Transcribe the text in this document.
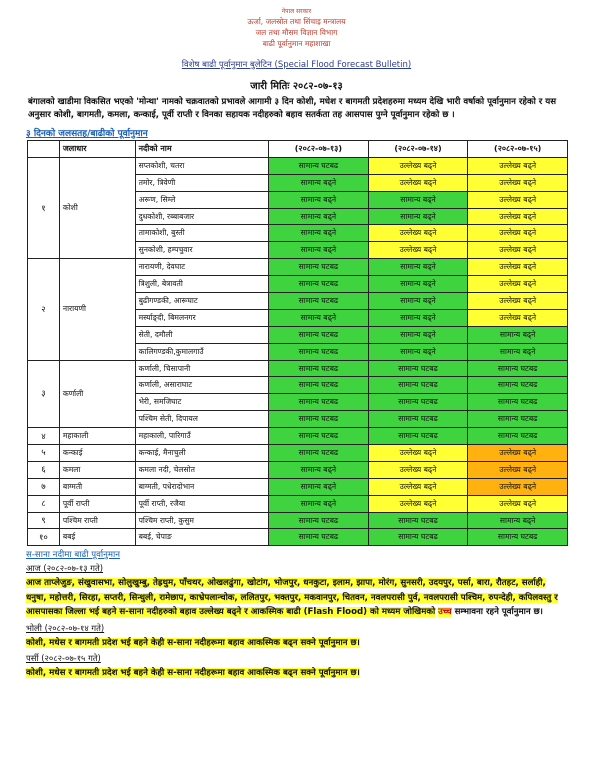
नेपाल सरकार
ऊर्जा, जलस्रोत तथा सिंचाइ मन्त्रालय
जल तथा मौसम विज्ञान विभाग
बाढी पूर्वानुमान महाशाखा
विशेष बाढी पूर्वानुमान बुलेटिन (Special Flood Forecast Bulletin)
जारी मितिः २०८२-०७-१३
बंगालको खाडीमा विकसित भएको 'मोन्था' नामको चक्रवातको प्रभावले आगामी ३ दिन कोशी, मधेश र बागमती प्रदेशहरुमा मध्यम देखि भारी वर्षाको पूर्वानुमान रहेको र यस अनुसार कोशी, बागमती, कमला, कन्काई, पूर्वी राप्ती र विनका सहायक नदीहरुको बहाव सतर्कता तह आसपास पुग्ने पूर्वानुमान रहेको छ ।
३ दिनको जलसतह/बाढीको पूर्वानुमान
	जलाधार	नदीको नाम	(२०८२-०७-१३)	(२०८२-०७-१४)	(२०८२-०७-१५)
१	कोशी	सप्तकोशी, चतरा	सामान्य घटबढ	उल्लेख्य बढ्ने	उल्लेख्य बढ्ने
		तमोर, त्रिवेणी	सामान्य बढ्ने	उल्लेख्य बढ्ने	उल्लेख्य बढ्ने
		अरूण, सिम्ले	सामान्य बढ्ने	सामान्य बढ्ने	उल्लेख्य बढ्ने
		दुधकोशी, रब्बाबजार	सामान्य बढ्ने	सामान्य बढ्ने	उल्लेख्य बढ्ने
		तामाकोशी, बुस्ती	सामान्य बढ्ने	उल्लेख्य बढ्ने	उल्लेख्य बढ्ने
		सुनकोशी, हम्पचुवार	सामान्य बढ्ने	उल्लेख्य बढ्ने	उल्लेख्य बढ्ने
२	नारायणी	नारायणी, देवघाट	सामान्य घटबढ	सामान्य बढ्ने	उल्लेख्य बढ्ने
		त्रिशुली, बेत्रावती	सामान्य घटबढ	सामान्य बढ्ने	उल्लेख्य बढ्ने
		बुढीगण्डकी, आरूघाट	सामान्य घटबढ	सामान्य बढ्ने	उल्लेख्य बढ्ने
		मर्स्याङ्दी, बिमलनगर	सामान्य बढ्ने	सामान्य बढ्ने	उल्लेख्य बढ्ने
		सेती, दमौली	सामान्य घटबढ	सामान्य बढ्ने	सामान्य बढ्ने
		कालिगण्डकी,कुमालगाउँ	सामान्य घटबढ	सामान्य बढ्ने	सामान्य बढ्ने
३	कर्णाली	कर्णाली, चिसापानी	सामान्य घटबढ	सामान्य घटबढ	सामान्य घटबढ
		कर्णाली, असाराघाट	सामान्य घटबढ	सामान्य घटबढ	सामान्य घटबढ
		भेरी, समजिघाट	सामान्य घटबढ	सामान्य घटबढ	सामान्य घटबढ
		पश्चिम सेती, दिपायल	सामान्य घटबढ	सामान्य घटबढ	सामान्य घटबढ
४	महाकाली	महाकाली, पारिगाउँ	सामान्य घटबढ	सामान्य घटबढ	सामान्य घटबढ
५	कन्काई	कन्काई, मैनाचुली	सामान्य घटबढ	उल्लेख्य बढ्ने	उल्लेख्य बढ्ने
६	कमला	कमला नदी, चेलसोत	सामान्य बढ्ने	उल्लेख्य बढ्ने	उल्लेख्य बढ्ने
७	बाग्मती	बाग्मती, पधेरादोभान	सामान्य बढ्ने	उल्लेख्य बढ्ने	उल्लेख्य बढ्ने
८	पूर्वी राप्ती	पूर्वी राप्ती, रजैया	सामान्य बढ्ने	उल्लेख्य बढ्ने	उल्लेख्य बढ्ने
९	पश्चिम राप्ती	पश्चिम राप्ती, कुसुम	सामान्य घटबढ	सामान्य घटबढ	सामान्य बढ्ने
१०	बबई	बबई, चेपाङ	सामान्य घटबढ	सामान्य घटबढ	सामान्य घटबढ
स-साना नदीमा बाढी पूर्वानुमान
आज (२०८२-०७-१३ गते)
आज ताप्लेजुङ, संखुवासभा, सोलुखुम्बु, तेह्रथुम, पाँचथर, ओखलढुंगा, खोटांग, भोजपुर, धनकुटा, इलाम, झापा, मोरंग, सुनसरी, उदयपुर, पर्सा, बारा, रौतहट, सर्लाही, धनुषा, महोत्तरी, सिरहा, सप्तरी, सिन्धुली, रामेछाप, काभ्रेपलान्चोक, ललितपुर, भक्तपुर, मकवानपुर, चितवन, नवलपरासी पुर्व, नवलपरासी पश्चिम, रुपन्देही, कपिलवस्तु र आसपासका जिल्ला भई बहने स-साना नदीहरुको बहाव उल्लेख्य बढ्ने र आकस्मिक बाढी (Flash Flood) को मध्यम जोखिमको उच्च सम्भावना रहने पूर्वानुमान छ।
भोली (२०८२-०७-१४ गते)
कोशी, मधेस र बागमती प्रदेश भई बहने केही स-साना नदीहरूमा बहाव आकस्मिक बढ्न सक्ने पूर्वानुमान छ।
पर्सी (२०८२-०७-१५ गते)
कोशी, मधेस र बागमती प्रदेश भई बहने केही स-साना नदीहरूमा बहाव आकस्मिक बढ्न सक्ने पूर्वानुमान छ।
